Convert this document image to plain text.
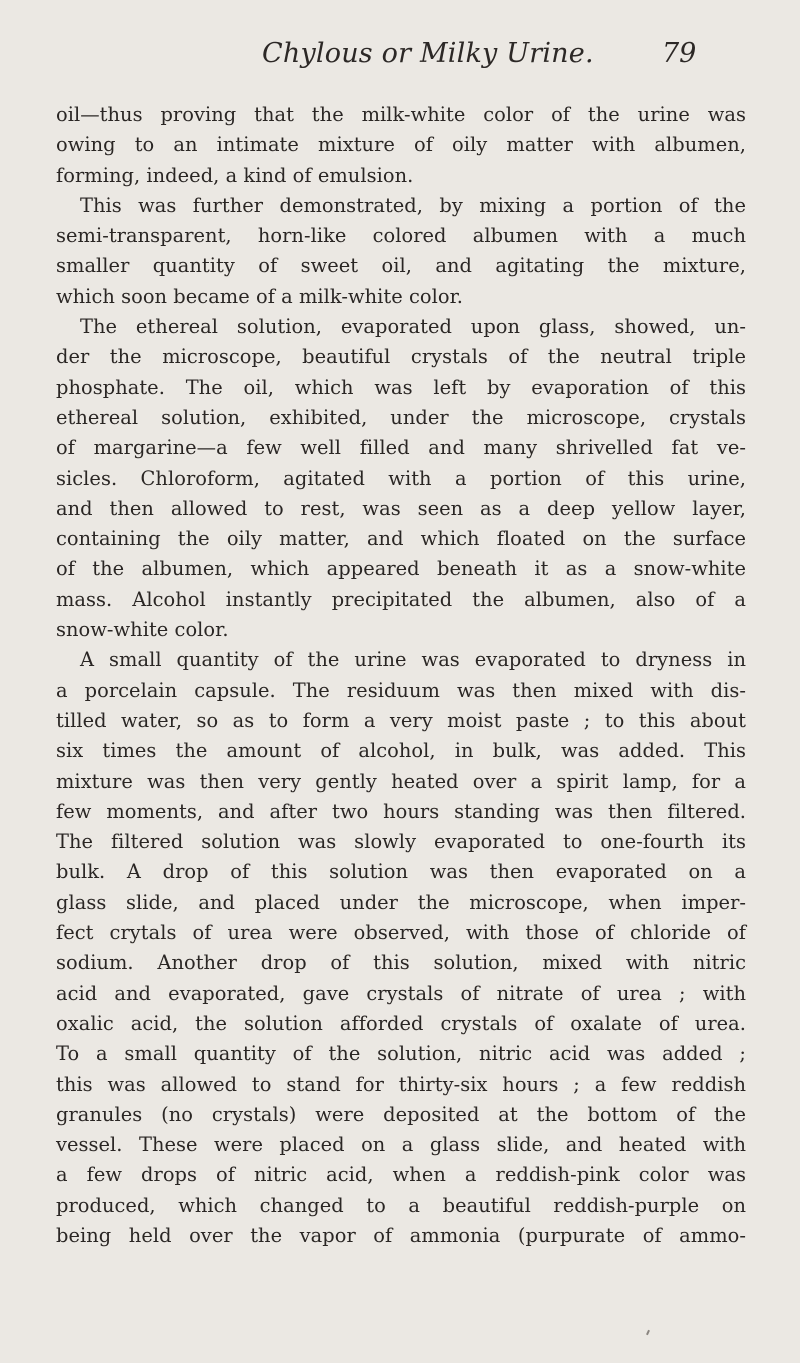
Chylous or Milky Urine.	79
oil—thus proving that the milk-white color of the urine was
owing to an intimate mixture of oily matter with albumen,
forming, indeed, a kind of emulsion.
This was further demonstrated, by mixing a portion of the
semi-transparent, horn-like colored albumen with a much
smaller quantity of sweet oil, and agitating the mixture,
which soon became of a milk-white color.
The ethereal solution, evaporated upon glass, showed, un-
der the microscope, beautiful crystals of the neutral triple
phosphate. The oil, which was left by evaporation of this
ethereal solution, exhibited, under the microscope, crystals
of margarine—a few well filled and many shrivelled fat ve-
sicles. Chloroform, agitated with a portion of this urine,
and then allowed to rest, was seen as a deep yellow layer,
containing the oily matter, and which floated on the surface
of the albumen, which appeared beneath it as a snow-white
mass. Alcohol instantly precipitated the albumen, also of a
snow-white color.
A small quantity of the urine was evaporated to dryness in
a porcelain capsule. The residuum was then mixed with dis-
tilled water, so as to form a very moist paste ; to this about
six times the amount of alcohol, in bulk, was added. This
mixture was then very gently heated over a spirit lamp, for a
few moments, and after two hours standing was then filtered.
The filtered solution was slowly evaporated to one-fourth its
bulk. A drop of this solution was then evaporated on a
glass slide, and placed under the microscope, when imper-
fect crytals of urea were observed, with those of chloride of
sodium. Another drop of this solution, mixed with nitric
acid and evaporated, gave crystals of nitrate of urea ; with
oxalic acid, the solution afforded crystals of oxalate of urea.
To a small quantity of the solution, nitric acid was added ;
this was allowed to stand for thirty-six hours ; a few reddish
granules (no crystals) were deposited at the bottom of the
vessel. These were placed on a glass slide, and heated with
a few drops of nitric acid, when a reddish-pink color was
produced, which changed to a beautiful reddish-purple on
being held over the vapor of ammonia (purpurate of ammo-
